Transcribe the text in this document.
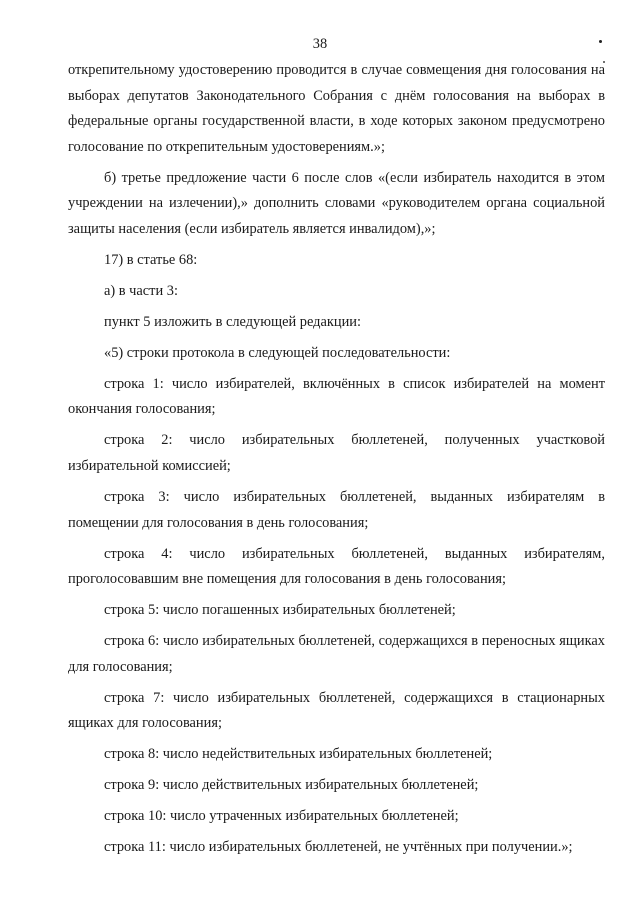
38

открепительному удостоверению проводится в случае совмещения дня голосования на выборах депутатов Законодательного Собрания с днём голосования на выборах в федеральные органы государственной власти, в ходе которых законом предусмотрено голосование по открепительным удостоверениям.»;

б) третье предложение части 6 после слов «(если избиратель находится в этом учреждении на излечении),» дополнить словами «руководителем органа социальной защиты населения (если избиратель является инвалидом),»;

17) в статье 68:

а) в части 3:

пункт 5 изложить в следующей редакции:

«5) строки протокола в следующей последовательности:

строка 1: число избирателей, включённых в список избирателей на момент окончания голосования;

строка 2: число избирательных бюллетеней, полученных участковой избирательной комиссией;

строка 3: число избирательных бюллетеней, выданных избирателям в помещении для голосования в день голосования;

строка 4: число избирательных бюллетеней, выданных избирателям, проголосовавшим вне помещения для голосования в день голосования;

строка 5: число погашенных избирательных бюллетеней;

строка 6: число избирательных бюллетеней, содержащихся в переносных ящиках для голосования;

строка 7: число избирательных бюллетеней, содержащихся в стационарных ящиках для голосования;

строка 8: число недействительных избирательных бюллетеней;

строка 9: число действительных избирательных бюллетеней;

строка 10: число утраченных избирательных бюллетеней;

строка 11: число избирательных бюллетеней, не учтённых при получении.»;
